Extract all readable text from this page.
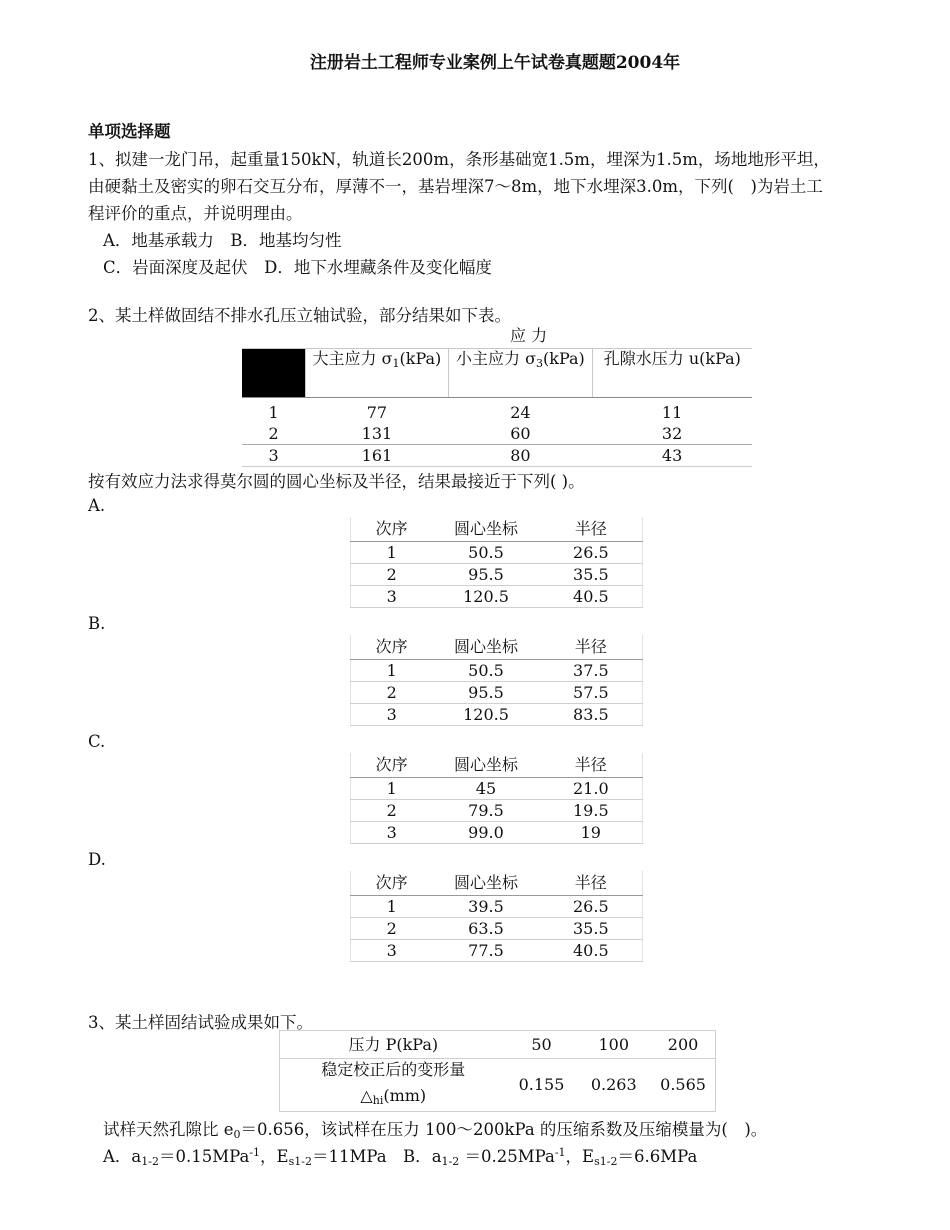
注册岩土工程师专业案例上午试卷真题题2004年
单项选择题
1、拟建一龙门吊，起重量150kN，轨道长200m，条形基础宽1.5m，埋深为1.5m，场地地形平坦，
由硬黏土及密实的卵石交互分布，厚薄不一，基岩埋深7～8m，地下水埋深3.0m，下列(　)为岩土工
程评价的重点，并说明理由。
A．地基承载力　B．地基均匀性
C．岩面深度及起伏　D．地下水埋藏条件及变化幅度
2、某土样做固结不排水孔压立轴试验，部分结果如下表。
	应 力		
	大主应力 $\sigma_1(kPa)$	小主应力 $\sigma_3(kPa)$	孔隙水压力 u(kPa)

1	77	24	11
2	131	60	32
3	161	80	43
按有效应力法求得莫尔圆的圆心坐标及半径，结果最接近于下列( )。
A.
次序	圆心坐标	半径
1	50.5	26.5
2	95.5	35.5
3	120.5	40.5
B.
次序	圆心坐标	半径
1	50.5	37.5
2	95.5	57.5
3	120.5	83.5
C.
次序	圆心坐标	半径
1	45	21.0
2	79.5	19.5
3	99.0	19
D.
次序	圆心坐标	半径
1	39.5	26.5
2	63.5	35.5
3	77.5	40.5
3、某土样固结试验成果如下。
压力 P(kPa)	50	100	200

稳定校正后的变形量
$\triangle_{hi}(mm)$	0.155	0.263	0.565
试样天然孔隙比 $e_0=0.656$，该试样在压力 100～200kPa 的压缩系数及压缩模量为(　)。
A．$a_{1-2}=0.15MPa^{-1}$，$E_{s1-2}=11MPa$　 B．$a_{1-2} =0.25MPa^{-1}$，$E_{s1-2}=6.6MPa$
